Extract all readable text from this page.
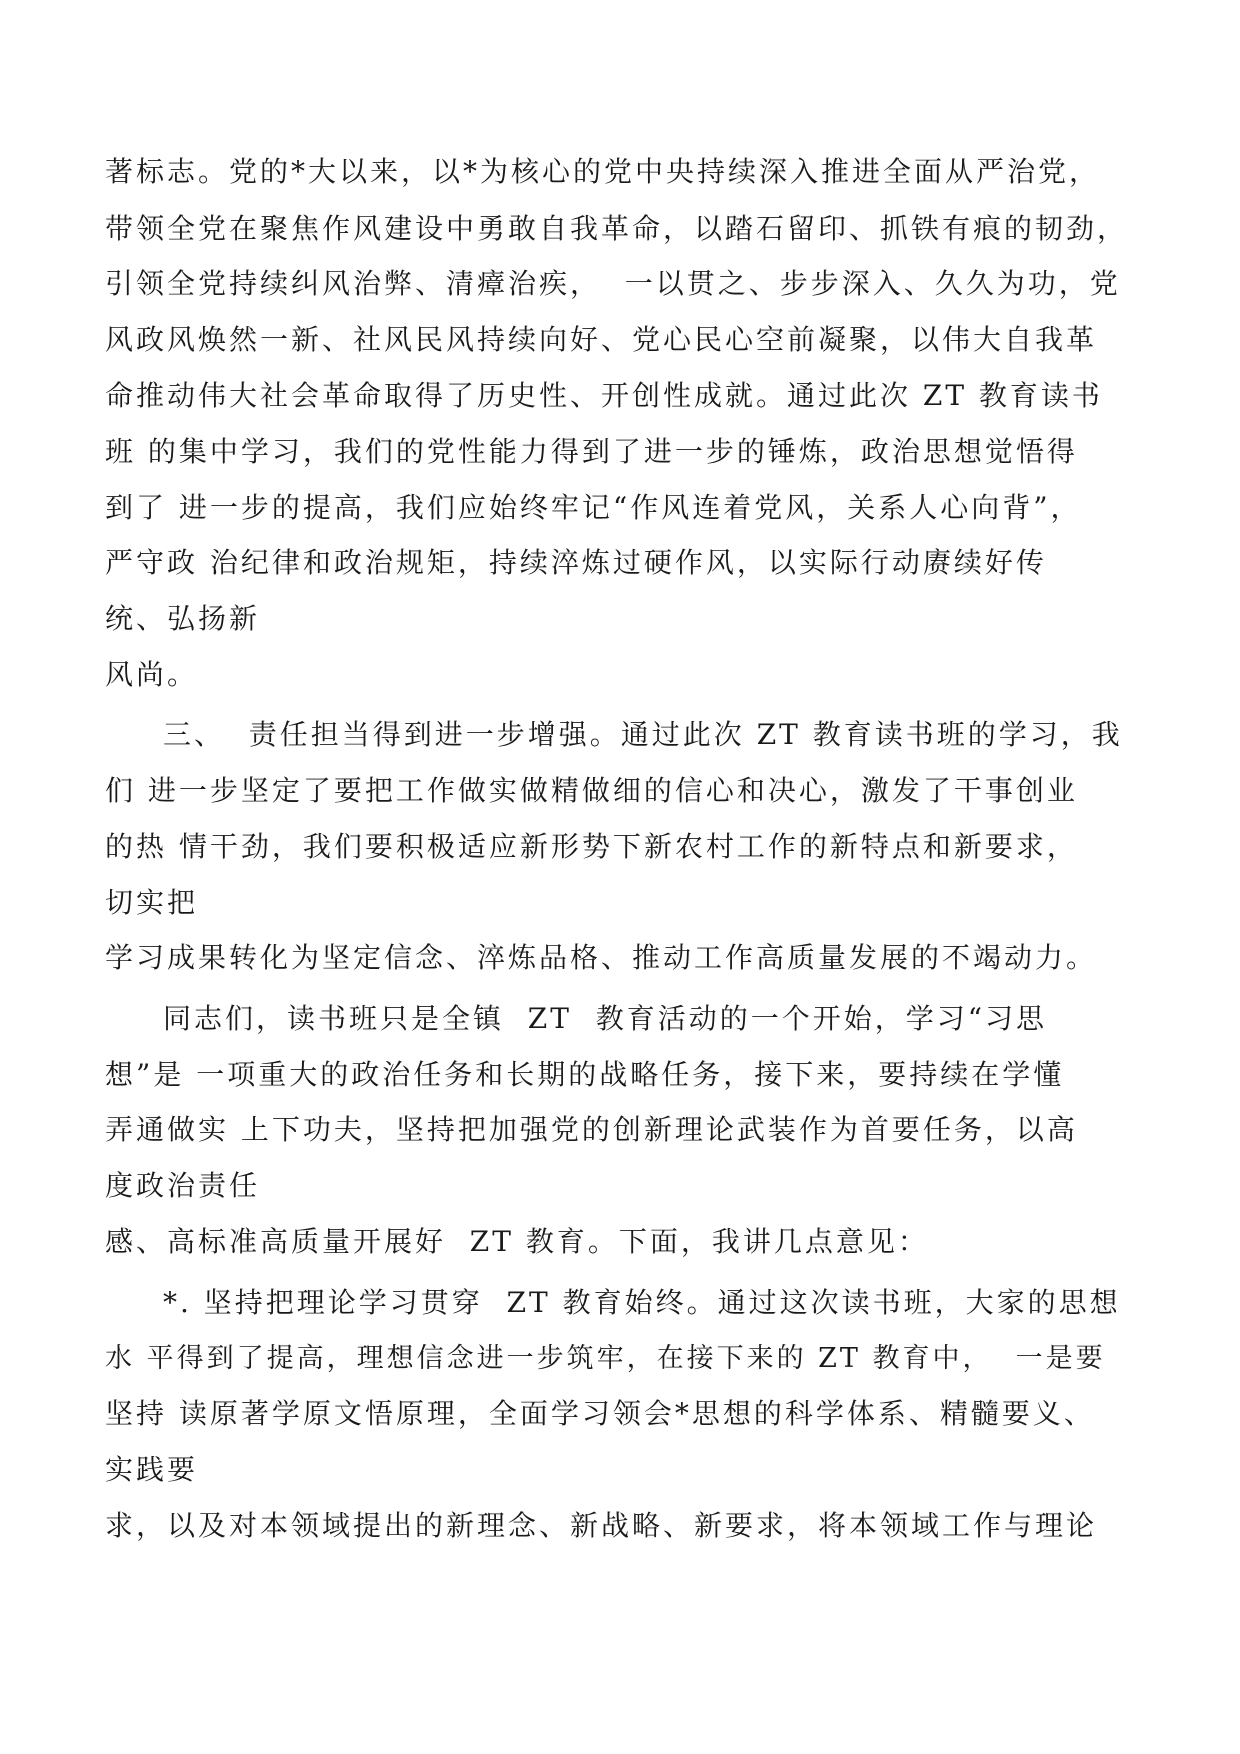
著标志。党的*大以来，以*为核心的党中央持续深入推进全面从严治党，

带领全党在聚焦作风建设中勇敢自我革命，以踏石留印、抓铁有痕的韧劲，

引领全党持续纠风治弊、清瘴治疾，  一以贯之、步步深入、久久为功，党

风政风焕然一新、社风民风持续向好、党心民心空前凝聚，以伟大自我革

命推动伟大社会革命取得了历史性、开创性成就。通过此次 ZT 教育读书

班 的集中学习，我们的党性能力得到了进一步的锤炼，政治思想觉悟得

到了 进一步的提高，我们应始终牢记“作风连着党风，关系人心向背”，

严守政 治纪律和政治规矩，持续淬炼过硬作风，以实际行动赓续好传

统、弘扬新

风尚。

三、  责任担当得到进一步增强。通过此次 ZT 教育读书班的学习，我

们 进一步坚定了要把工作做实做精做细的信心和决心，激发了干事创业

的热 情干劲，我们要积极适应新形势下新农村工作的新特点和新要求，

切实把

学习成果转化为坚定信念、淬炼品格、推动工作高质量发展的不竭动力。

同志们，读书班只是全镇  ZT  教育活动的一个开始，学习“习思

想”是 一项重大的政治任务和长期的战略任务，接下来，要持续在学懂

弄通做实 上下功夫，坚持把加强党的创新理论武装作为首要任务，以高

度政治责任

感、高标准高质量开展好  ZT 教育。下面，我讲几点意见：

*. 坚持把理论学习贯穿  ZT 教育始终。通过这次读书班，大家的思想

水 平得到了提高，理想信念进一步筑牢，在接下来的 ZT 教育中，  一是要

坚持 读原著学原文悟原理，全面学习领会*思想的科学体系、精髓要义、

实践要

求，以及对本领域提出的新理念、新战略、新要求，将本领域工作与理论
